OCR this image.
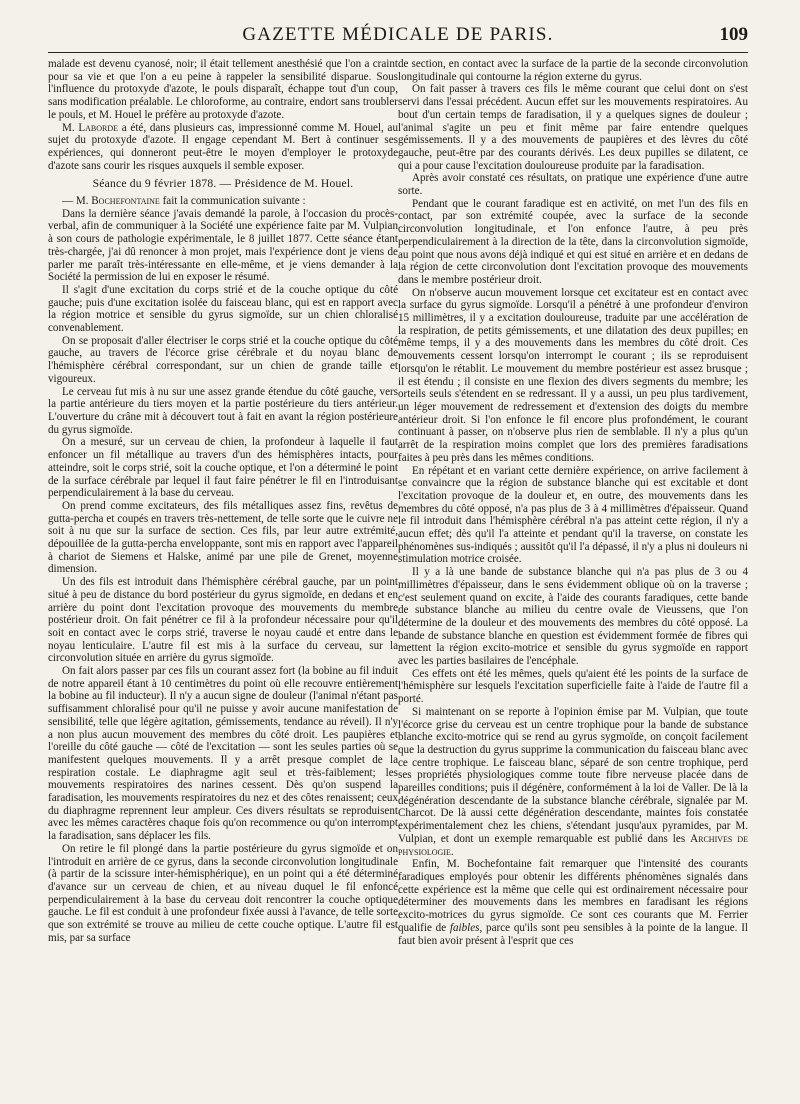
GAZETTE MÉDICALE DE PARIS.	109

malade est devenu cyanosé, noir; il était tellement anesthésié que l'on a craint pour sa vie et que l'on a eu peine à rappeler la sensibilité disparue. Sous l'influence du protoxyde d'azote, le pouls disparaît, échappe tout d'un coup, sans modification préalable. Le chloroforme, au contraire, endort sans troubler le pouls, et M. Houel le préfère au protoxyde d'azote.

M. Laborde a été, dans plusieurs cas, impressionné comme M. Houel, au sujet du protoxyde d'azote. Il engage cependant M. Bert à continuer ses expériences, qui donneront peut-être le moyen d'employer le protoxyde d'azote sans courir les risques auxquels il semble exposer.

Séance du 9 février 1878. — Présidence de M. Houel.

— M. Bochefontaine fait la communication suivante :

Dans la dernière séance j'avais demandé la parole, à l'occasion du procès-verbal, afin de communiquer à la Société une expérience faite par M. Vulpian à son cours de pathologie expérimentale, le 8 juillet 1877. Cette séance étant très-chargée, j'ai dû renoncer à mon projet, mais l'expérience dont je viens de parler me paraît très-intéressante en elle-même, et je viens demander à la Société la permission de lui en exposer le résumé.

Il s'agit d'une excitation du corps strié et de la couche optique du côté gauche; puis d'une excitation isolée du faisceau blanc, qui est en rapport avec la région motrice et sensible du gyrus sigmoïde, sur un chien chloralisé convenablement.

On se proposait d'aller électriser le corps strié et la couche optique du côté gauche, au travers de l'écorce grise cérébrale et du noyau blanc de l'hémisphère cérébral correspondant, sur un chien de grande taille et vigoureux.

Le cerveau fut mis à nu sur une assez grande étendue du côté gauche, vers la partie antérieure du tiers moyen et la partie postérieure du tiers antérieur. L'ouverture du crâne mit à découvert tout à fait en avant la région postérieure du gyrus sigmoïde.

On a mesuré, sur un cerveau de chien, la profondeur à laquelle il faut enfoncer un fil métallique au travers d'un des hémisphères intacts, pour atteindre, soit le corps strié, soit la couche optique, et l'on a déterminé le point de la surface cérébrale par lequel il faut faire pénétrer le fil en l'introduisant perpendiculairement à la base du cerveau.

On prend comme excitateurs, des fils métalliques assez fins, revêtus de gutta-percha et coupés en travers très-nettement, de telle sorte que le cuivre ne soit à nu que sur la surface de section. Ces fils, par leur autre extrémité, dépouillée de la gutta-percha enveloppante, sont mis en rapport avec l'appareil à chariot de Siemens et Halske, animé par une pile de Grenet, moyenne dimension.

Un des fils est introduit dans l'hémisphère cérébral gauche, par un point situé à peu de distance du bord postérieur du gyrus sigmoïde, en dedans et en arrière du point dont l'excitation provoque des mouvements du membre postérieur droit. On fait pénétrer ce fil à la profondeur nécessaire pour qu'il soit en contact avec le corps strié, traverse le noyau caudé et entre dans le noyau lenticulaire. L'autre fil est mis à la surface du cerveau, sur la circonvolution située en arrière du gyrus sigmoïde.

On fait alors passer par ces fils un courant assez fort (la bobine au fil induit de notre appareil étant à 10 centimètres du point où elle recouvre entièrement la bobine au fil inducteur). Il n'y a aucun signe de douleur (l'animal n'étant pas suffisamment chloralisé pour qu'il ne puisse y avoir aucune manifestation de sensibilité, telle que légère agitation, gémissements, tendance au réveil). Il n'y a non plus aucun mouvement des membres du côté droit. Les paupières et l'oreille du côté gauche — côté de l'excitation — sont les seules parties où se manifestent quelques mouvements. Il y a arrêt presque complet de la respiration costale. Le diaphragme agit seul et très-faiblement; les mouvements respiratoires des narines cessent. Dès qu'on suspend la faradisation, les mouvements respiratoires du nez et des côtes renaissent; ceux du diaphragme reprennent leur ampleur. Ces divers résultats se reproduisent avec les mêmes caractères chaque fois qu'on recommence ou qu'on interrompt la faradisation, sans déplacer les fils.

On retire le fil plongé dans la partie postérieure du gyrus sigmoïde et on l'introduit en arrière de ce gyrus, dans la seconde circonvolution longitudinale (à partir de la scissure inter-hémisphérique), en un point qui a été déterminé d'avance sur un cerveau de chien, et au niveau duquel le fil enfoncé perpendiculairement à la base du cerveau doit rencontrer la couche optique gauche. Le fil est conduit à une profondeur fixée aussi à l'avance, de telle sorte que son extrémité se trouve au milieu de cette couche optique. L'autre fil est mis, par sa surface

de section, en contact avec la surface de la partie de la seconde circonvolution longitudinale qui contourne la région externe du gyrus.

On fait passer à travers ces fils le même courant que celui dont on s'est servi dans l'essai précédent. Aucun effet sur les mouvements respiratoires. Au bout d'un certain temps de faradisation, il y a quelques signes de douleur ; l'animal s'agite un peu et finit même par faire entendre quelques gémissements. Il y a des mouvements de paupières et des lèvres du côté gauche, peut-être par des courants dérivés. Les deux pupilles se dilatent, ce qui a pour cause l'excitation douloureuse produite par la faradisation.

Après avoir constaté ces résultats, on pratique une expérience d'une autre sorte.

Pendant que le courant faradique est en activité, on met l'un des fils en contact, par son extrémité coupée, avec la surface de la seconde circonvolution longitudinale, et l'on enfonce l'autre, à peu près perpendiculairement à la direction de la tête, dans la circonvolution sigmoïde, au point que nous avons déjà indiqué et qui est situé en arrière et en dedans de la région de cette circonvolution dont l'excitation provoque des mouvements dans le membre postérieur droit.

On n'observe aucun mouvement lorsque cet excitateur est en contact avec la surface du gyrus sigmoïde. Lorsqu'il a pénétré à une profondeur d'environ 15 millimètres, il y a excitation douloureuse, traduite par une accélération de la respiration, de petits gémissements, et une dilatation des deux pupilles; en même temps, il y a des mouvements dans les membres du côté droit. Ces mouvements cessent lorsqu'on interrompt le courant ; ils se reproduisent lorsqu'on le rétablit. Le mouvement du membre postérieur est assez brusque ; il est étendu ; il consiste en une flexion des divers segments du membre; les orteils seuls s'étendent en se redressant. Il y a aussi, un peu plus tardivement, un léger mouvement de redressement et d'extension des doigts du membre antérieur droit. Si l'on enfonce le fil encore plus profondément, le courant continuant à passer, on n'observe plus rien de semblable. Il n'y a plus qu'un arrêt de la respiration moins complet que lors des premières faradisations faites à peu près dans les mêmes conditions.

En répétant et en variant cette dernière expérience, on arrive facilement à se convaincre que la région de substance blanche qui est excitable et dont l'excitation provoque de la douleur et, en outre, des mouvements dans les membres du côté opposé, n'a pas plus de 3 à 4 millimètres d'épaisseur. Quand le fil introduit dans l'hémisphère cérébral n'a pas atteint cette région, il n'y a aucun effet; dès qu'il l'a atteinte et pendant qu'il la traverse, on constate les phénomènes sus-indiqués ; aussitôt qu'il l'a dépassé, il n'y a plus ni douleurs ni stimulation motrice croisée.

Il y a là une bande de substance blanche qui n'a pas plus de 3 ou 4 millimètres d'épaisseur, dans le sens évidemment oblique où on la traverse ; c'est seulement quand on excite, à l'aide des courants faradiques, cette bande de substance blanche au milieu du centre ovale de Vieussens, que l'on détermine de la douleur et des mouvements des membres du côté opposé. La bande de substance blanche en question est évidemment formée de fibres qui mettent la région excito-motrice et sensible du gyrus sygmoïde en rapport avec les parties basilaires de l'encéphale.

Ces effets ont été les mêmes, quels qu'aient été les points de la surface de l'hémisphère sur lesquels l'excitation superficielle faite à l'aide de l'autre fil a porté.

Si maintenant on se reporte à l'opinion émise par M. Vulpian, que toute l'écorce grise du cerveau est un centre trophique pour la bande de substance blanche excito-motrice qui se rend au gyrus sygmoïde, on conçoit facilement que la destruction du gyrus supprime la communication du faisceau blanc avec ce centre trophique. Le faisceau blanc, séparé de son centre trophique, perd ses propriétés physiologiques comme toute fibre nerveuse placée dans de pareilles conditions; puis il dégénère, conformément à la loi de Valler. De là la dégénération descendante de la substance blanche cérébrale, signalée par M. Charcot. De là aussi cette dégénération descendante, maintes fois constatée expérimentalement chez les chiens, s'étendant jusqu'aux pyramides, par M. Vulpian, et dont un exemple remarquable est publié dans les Archives de physiologie.

Enfin, M. Bochefontaine fait remarquer que l'intensité des courants faradiques employés pour obtenir les différents phénomènes signalés dans cette expérience est la même que celle qui est ordinairement nécessaire pour déterminer des mouvements dans les membres en faradisant les régions excito-motrices du gyrus sigmoïde. Ce sont ces courants que M. Ferrier qualifie de faibles, parce qu'ils sont peu sensibles à la pointe de la langue. Il faut bien avoir présent à l'esprit que ces
